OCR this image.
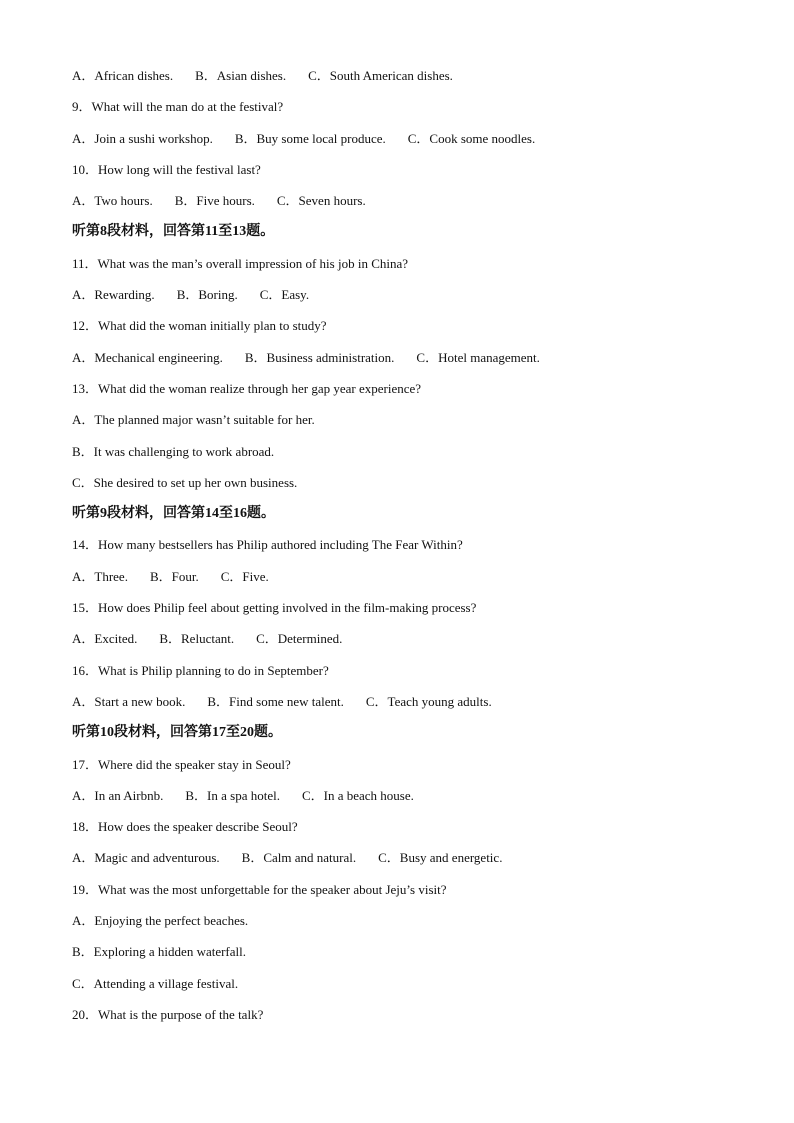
A．African dishes. B．Asian dishes. C．South American dishes.
9．What will the man do at the festival?
A．Join a sushi workshop. B．Buy some local produce. C．Cook some noodles.
10．How long will the festival last?
A．Two hours. B．Five hours. C．Seven hours.
听第8段材料，回答第11至13题。
11．What was the man’s overall impression of his job in China?
A．Rewarding. B．Boring. C．Easy.
12．What did the woman initially plan to study?
A．Mechanical engineering. B．Business administration. C．Hotel management.
13．What did the woman realize through her gap year experience?
A．The planned major wasn’t suitable for her.
B．It was challenging to work abroad.
C．She desired to set up her own business.
听第9段材料，回答第14至16题。
14．How many bestsellers has Philip authored including The Fear Within?
A．Three. B．Four. C．Five.
15．How does Philip feel about getting involved in the film-making process?
A．Excited. B．Reluctant. C．Determined.
16．What is Philip planning to do in September?
A．Start a new book. B．Find some new talent. C．Teach young adults.
听第10段材料，回答第17至20题。
17．Where did the speaker stay in Seoul?
A．In an Airbnb. B．In a spa hotel. C．In a beach house.
18．How does the speaker describe Seoul?
A．Magic and adventurous. B．Calm and natural. C．Busy and energetic.
19．What was the most unforgettable for the speaker about Jeju’s visit?
A．Enjoying the perfect beaches.
B．Exploring a hidden waterfall.
C．Attending a village festival.
20．What is the purpose of the talk?
